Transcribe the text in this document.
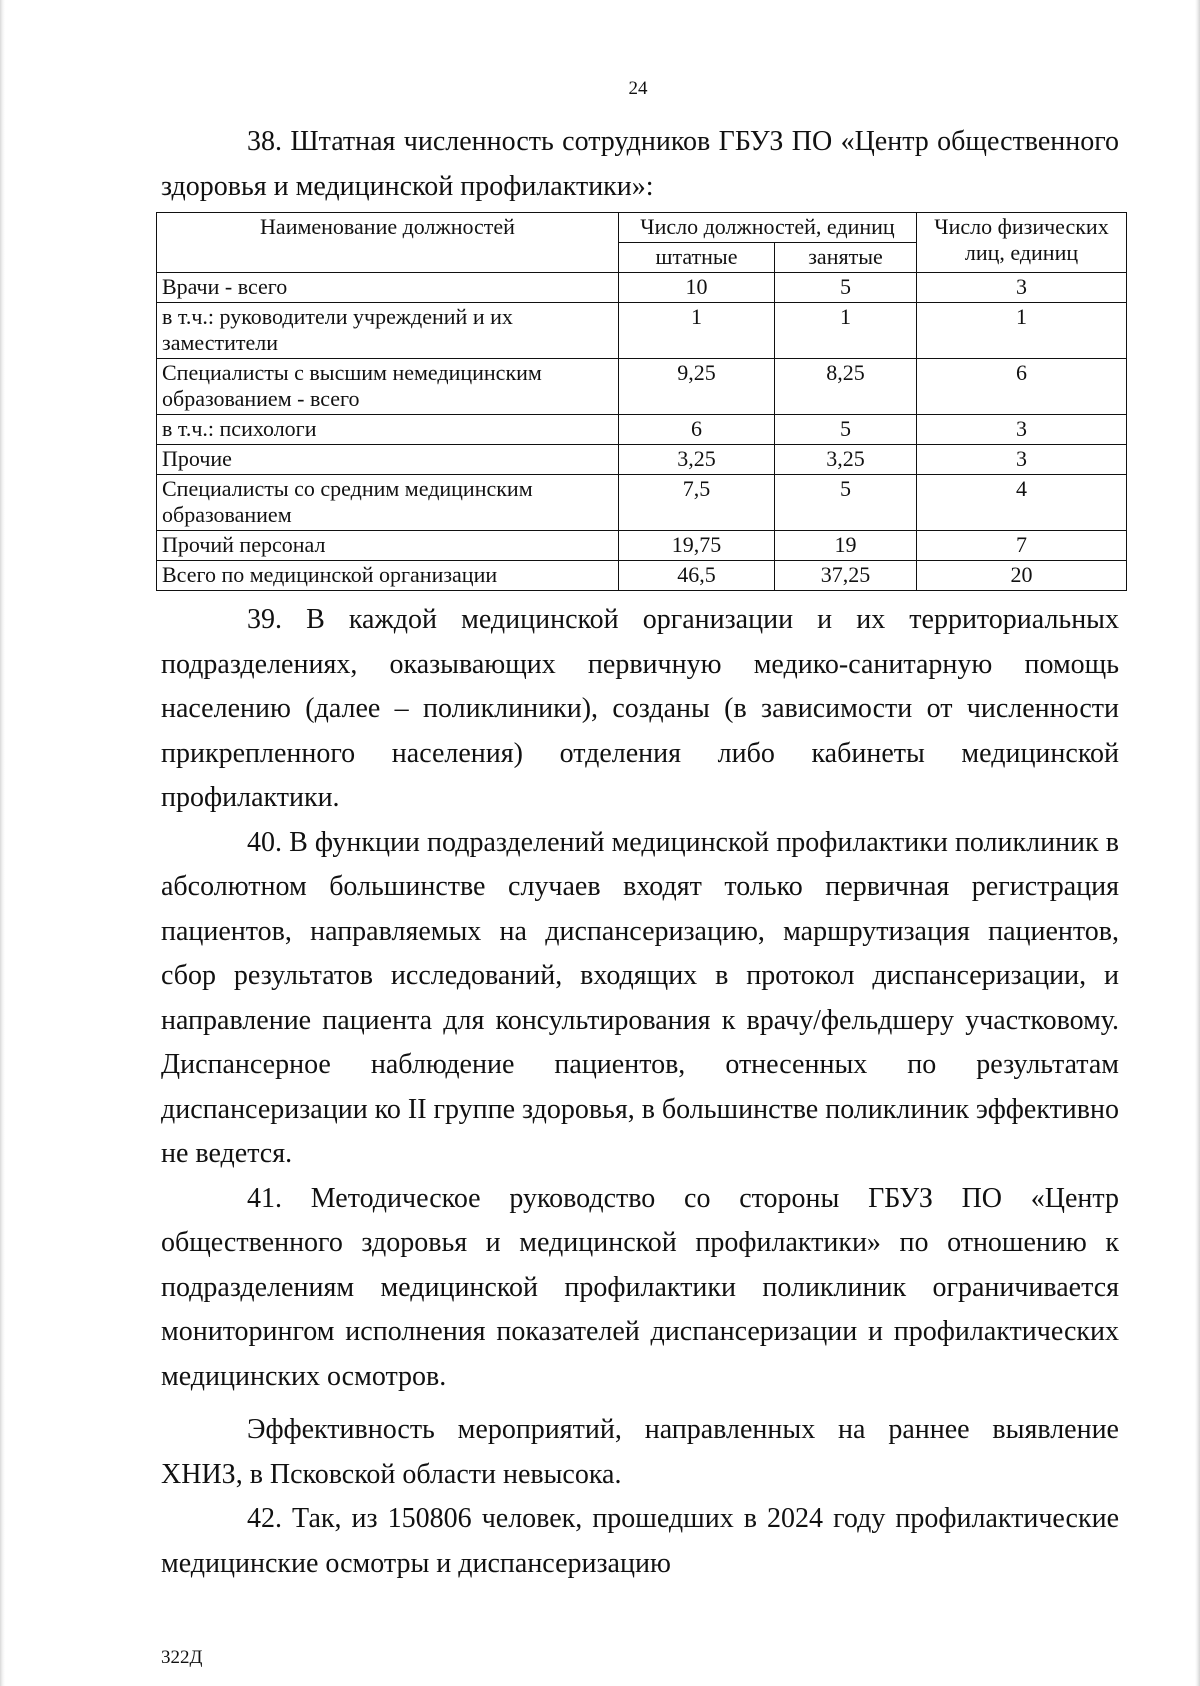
24

38. Штатная численность сотрудников ГБУЗ ПО «Центр общественного здоровья и медицинской профилактики»:

Наименование должностей	Число должностей, единиц		Число физических лиц, единиц
	штатные	занятые	
Врачи - всего	10	5	3
в т.ч.: руководители учреждений и их заместители	1	1	1
Специалисты с высшим немедицинским образованием - всего	9,25	8,25	6
в т.ч.: психологи	6	5	3
Прочие	3,25	3,25	3
Специалисты со средним медицинским образованием	7,5	5	4
Прочий персонал	19,75	19	7
Всего по медицинской организации	46,5	37,25	20

39. В каждой медицинской организации и их территориальных подразделениях, оказывающих первичную медико-санитарную помощь населению (далее – поликлиники), созданы (в зависимости от численности прикрепленного населения) отделения либо кабинеты медицинской профилактики.

40. В функции подразделений медицинской профилактики поликлиник в абсолютном большинстве случаев входят только первичная регистрация пациентов, направляемых на диспансеризацию, маршрутизация пациентов, сбор результатов исследований, входящих в протокол диспансеризации, и направление пациента для консультирования к врачу/фельдшеру участковому. Диспансерное наблюдение пациентов, отнесенных по результатам диспансеризации ко II группе здоровья, в большинстве поликлиник эффективно не ведется.

41. Методическое руководство со стороны ГБУЗ ПО «Центр общественного здоровья и медицинской профилактики» по отношению к подразделениям медицинской профилактики поликлиник ограничивается мониторингом исполнения показателей диспансеризации и профилактических медицинских осмотров.

Эффективность мероприятий, направленных на раннее выявление ХНИЗ, в Псковской области невысока.

42. Так, из 150806 человек, прошедших в 2024 году профилактические медицинские осмотры и диспансеризацию

322Д
